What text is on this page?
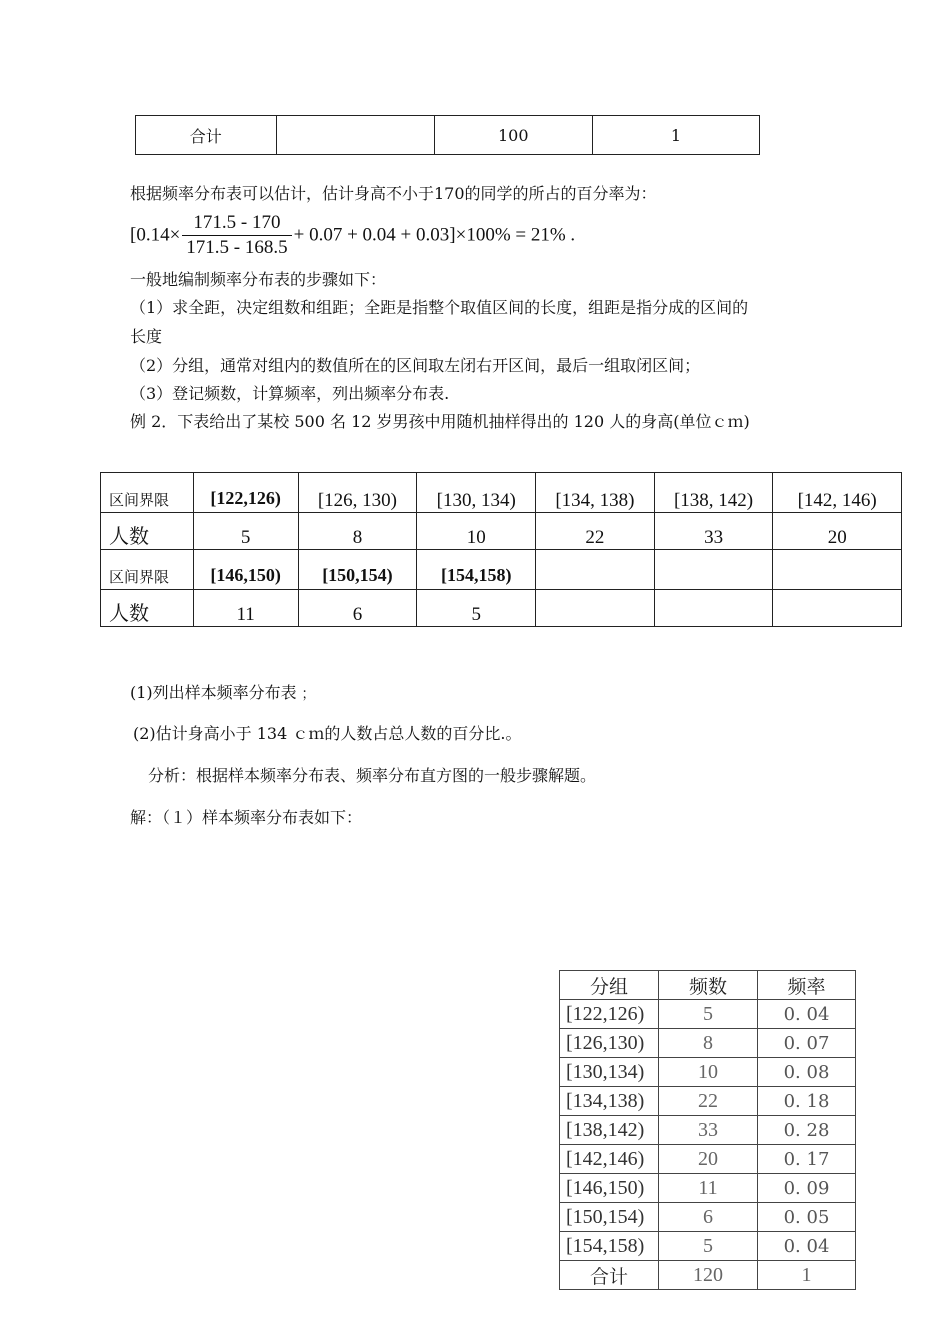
合计		100	1
根据频率分布表可以估计，估计身高不小于170的同学的所占的百分率为：
$[0.14\times \frac{171.5 - 170}{171.5 - 168.5} + 0.07 + 0.04 + 0.03]\times 100\% = 21\%$ .
一般地编制频率分布表的步骤如下：
（1）求全距，决定组数和组距；全距是指整个取值区间的长度，组距是指分成的区间的
长度
（2）分组，通常对组内的数值所在的区间取左闭右开区间，最后一组取闭区间；
（3）登记频数，计算频率，列出频率分布表.
例 2．下表给出了某校 500 名 12 岁男孩中用随机抽样得出的 120 人的身高(单位ｃｍ)
区间界限	[122,126)	[126, 130)	[130, 134)	[134, 138)	[138, 142)	[142, 146)
人数	5	8	10	22	33	20
区间界限	[146,150)	[150,154)	[154,158)			
人数	11	6	5			
(1)列出样本频率分布表﹔
(2)估计身高小于 134 ｃｍ的人数占总人数的百分比.。
分析：根据样本频率分布表、频率分布直方图的一般步骤解题。
解：（１）样本频率分布表如下：
分组	频数	频率
[122,126)	5	0. 04
[126,130)	8	0. 07
[130,134)	10	0. 08
[134,138)	22	0. 18
[138,142)	33	0. 28
[142,146)	20	0. 17
[146,150)	11	0. 09
[150,154)	6	0. 05
[154,158)	5	0. 04
合计	120	1
